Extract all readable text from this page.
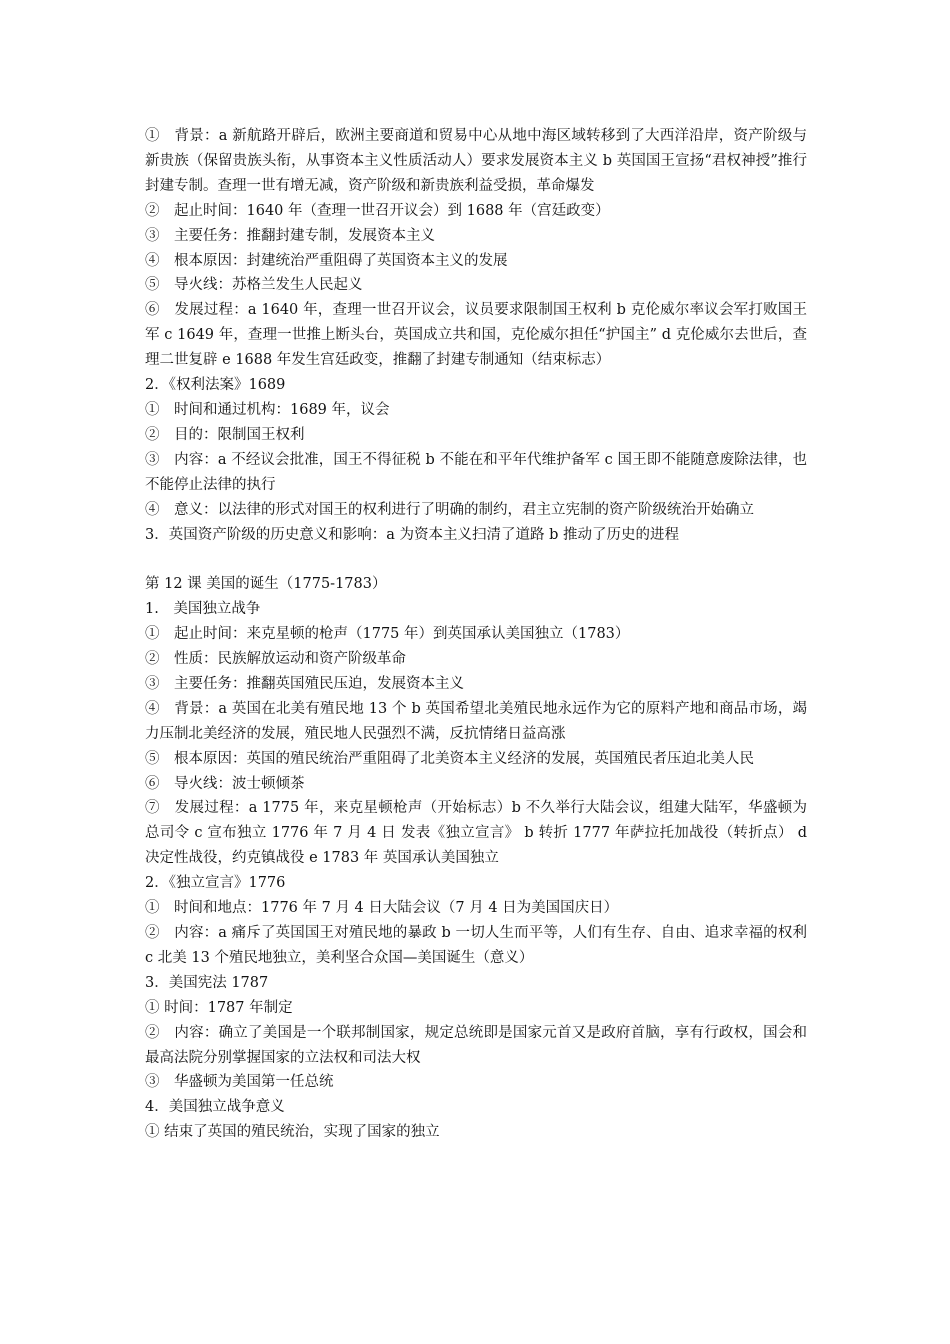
①　背景：a 新航路开辟后，欧洲主要商道和贸易中心从地中海区域转移到了大西洋沿岸，资产阶级与新贵族（保留贵族头衔，从事资本主义性质活动人）要求发展资本主义 b 英国国王宣扬“君权神授”推行封建专制。查理一世有增无减，资产阶级和新贵族利益受损，革命爆发

②　起止时间：1640 年（查理一世召开议会）到 1688 年（宫廷政变）

③　主要任务：推翻封建专制，发展资本主义

④　根本原因：封建统治严重阻碍了英国资本主义的发展

⑤　导火线：苏格兰发生人民起义

⑥　发展过程：a 1640 年，查理一世召开议会，议员要求限制国王权利 b 克伦威尔率议会军打败国王军 c 1649 年，查理一世推上断头台，英国成立共和国，克伦威尔担任“护国主” d 克伦威尔去世后，查理二世复辟 e 1688 年发生宫廷政变，推翻了封建专制通知（结束标志）

2．《权利法案》1689

①　时间和通过机构：1689 年，议会

②　目的：限制国王权利

③　内容：a 不经议会批准，国王不得征税 b 不能在和平年代维护备军 c 国王即不能随意废除法律，也不能停止法律的执行

④　意义：以法律的形式对国王的权利进行了明确的制约，君主立宪制的资产阶级统治开始确立

3．英国资产阶级的历史意义和影响：a 为资本主义扫清了道路 b 推动了历史的进程

第 12 课 美国的诞生（1775-1783）

1.　美国独立战争

①　起止时间：来克星顿的枪声（1775 年）到英国承认美国独立（1783）

②　性质：民族解放运动和资产阶级革命

③　主要任务：推翻英国殖民压迫，发展资本主义

④　背景：a 英国在北美有殖民地 13 个 b 英国希望北美殖民地永远作为它的原料产地和商品市场，竭力压制北美经济的发展，殖民地人民强烈不满，反抗情绪日益高涨

⑤　根本原因：英国的殖民统治严重阻碍了北美资本主义经济的发展，英国殖民者压迫北美人民

⑥　导火线：波士顿倾茶

⑦　发展过程：a 1775 年，来克星顿枪声（开始标志）b 不久举行大陆会议，组建大陆军，华盛顿为总司令 c 宣布独立 1776 年 7 月 4 日 发表《独立宣言》 b 转折 1777 年萨拉托加战役（转折点） d 决定性战役，约克镇战役 e 1783 年 英国承认美国独立

2．《独立宣言》1776

①　时间和地点：1776 年 7 月 4 日大陆会议（7 月 4 日为美国国庆日）

②　内容：a 痛斥了英国国王对殖民地的暴政 b 一切人生而平等，人们有生存、自由、追求幸福的权利 c 北美 13 个殖民地独立，美利坚合众国—美国诞生（意义）

3．美国宪法 1787

① 时间：1787 年制定

②　内容：确立了美国是一个联邦制国家，规定总统即是国家元首又是政府首脑，享有行政权，国会和最高法院分别掌握国家的立法权和司法大权

③　华盛顿为美国第一任总统

4．美国独立战争意义

① 结束了英国的殖民统治，实现了国家的独立
